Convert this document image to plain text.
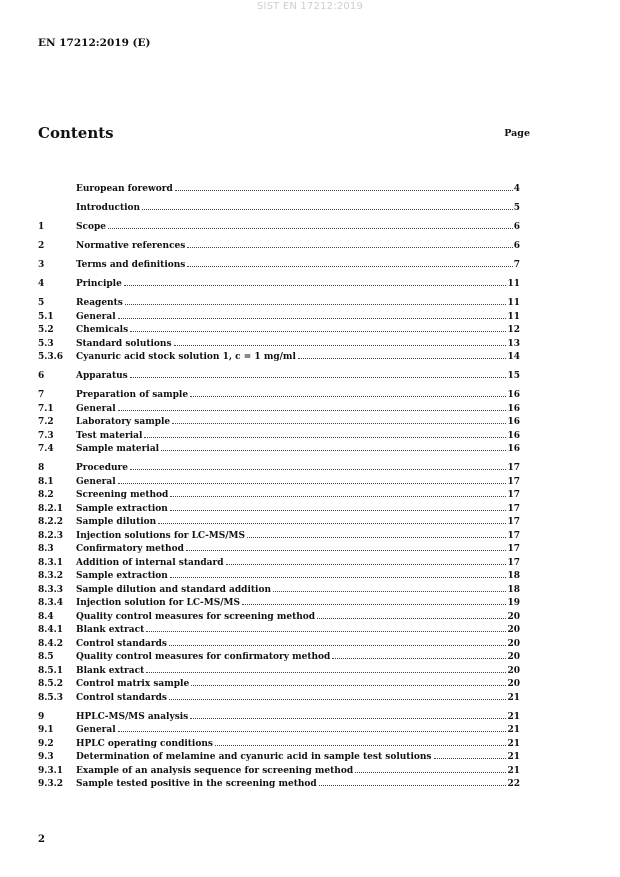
SIST EN 17212:2019
EN 17212:2019 (E)
Contents	Page
European foreword	4
Introduction	5
1	Scope	6
2	Normative references	6
3	Terms and definitions	7
4	Principle	11
5	Reagents	11
5.1	General	11
5.2	Chemicals	12
5.3	Standard solutions	13
5.3.6	Cyanuric acid stock solution 1, c = 1 mg/ml	14
6	Apparatus	15
7	Preparation of sample	16
7.1	General	16
7.2	Laboratory sample	16
7.3	Test material	16
7.4	Sample material	16
8	Procedure	17
8.1	General	17
8.2	Screening method	17
8.2.1	Sample extraction	17
8.2.2	Sample dilution	17
8.2.3	Injection solutions for LC-MS/MS	17
8.3	Confirmatory method	17
8.3.1	Addition of internal standard	17
8.3.2	Sample extraction	18
8.3.3	Sample dilution and standard addition	18
8.3.4	Injection solution for LC-MS/MS	19
8.4	Quality control measures for screening method	20
8.4.1	Blank extract	20
8.4.2	Control standards	20
8.5	Quality control measures for confirmatory method	20
8.5.1	Blank extract	20
8.5.2	Control matrix sample	20
8.5.3	Control standards	21
9	HPLC-MS/MS analysis	21
9.1	General	21
9.2	HPLC operating conditions	21
9.3	Determination of melamine and cyanuric acid in sample test solutions	21
9.3.1	Example of an analysis sequence for screening method	21
9.3.2	Sample tested positive in the screening method	22
2
